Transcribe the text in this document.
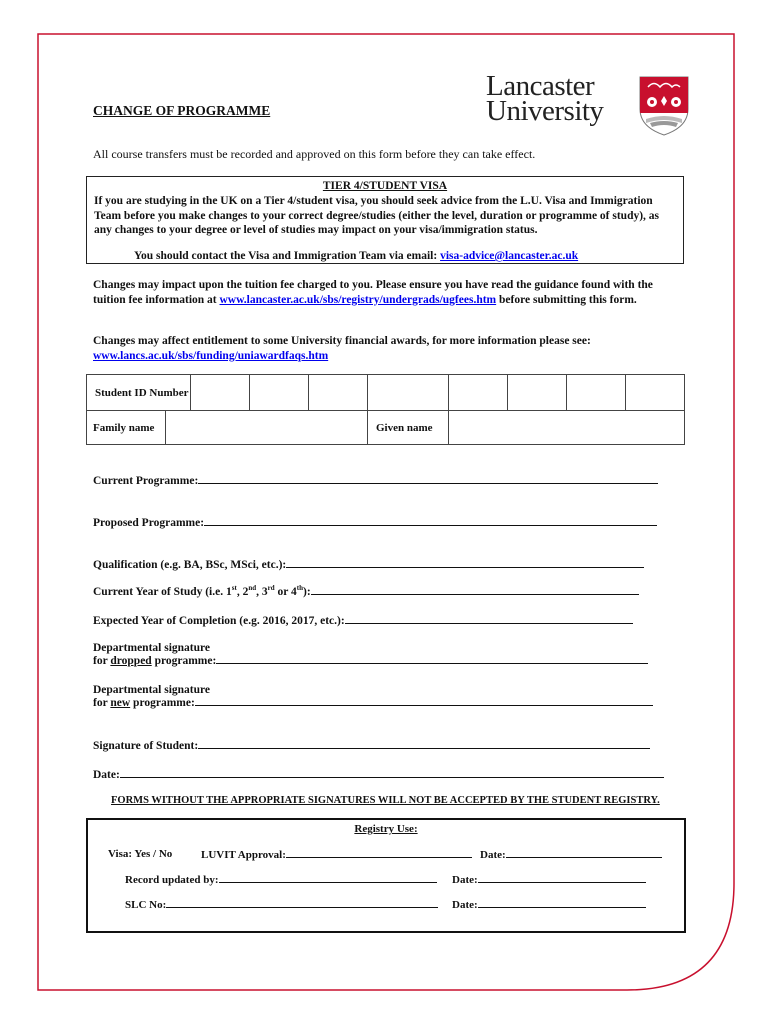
Lancaster
University
CHANGE OF PROGRAMME
All course transfers must be recorded and approved on this form before they can take effect.
TIER 4/STUDENT VISA
If you are studying in the UK on a Tier 4/student visa, you should seek advice from the L.U. Visa and Immigration Team before you make changes to your correct degree/studies (either the level, duration or programme of study), as any changes to your degree or level of studies may impact on your visa/immigration status.
You should contact the Visa and Immigration Team via email: visa-advice@lancaster.ac.uk
Changes may impact upon the tuition fee charged to you. Please ensure you have read the guidance found with the tuition fee information at www.lancaster.ac.uk/sbs/registry/undergrads/ugfees.htm before submitting this form.
Changes may affect entitlement to some University financial awards, for more information please see:
www.lancs.ac.uk/sbs/funding/uniawardfaqs.htm
Student ID Number									
Family name					Given name				
Current Programme:
Proposed Programme:
Qualification (e.g. BA, BSc, MSci, etc.):
Current Year of Study (i.e. 1st, 2nd, 3rd or 4th):
Expected Year of Completion (e.g. 2016, 2017, etc.):
Departmental signature
for dropped programme:
Departmental signature
for new programme:
Signature of Student:
Date:
FORMS WITHOUT THE APPROPRIATE SIGNATURES WILL NOT BE ACCEPTED BY THE STUDENT REGISTRY.
Registry Use:
Visa: Yes / No	LUVIT Approval:	Date:
Record updated by:	Date:
SLC No:	Date:
